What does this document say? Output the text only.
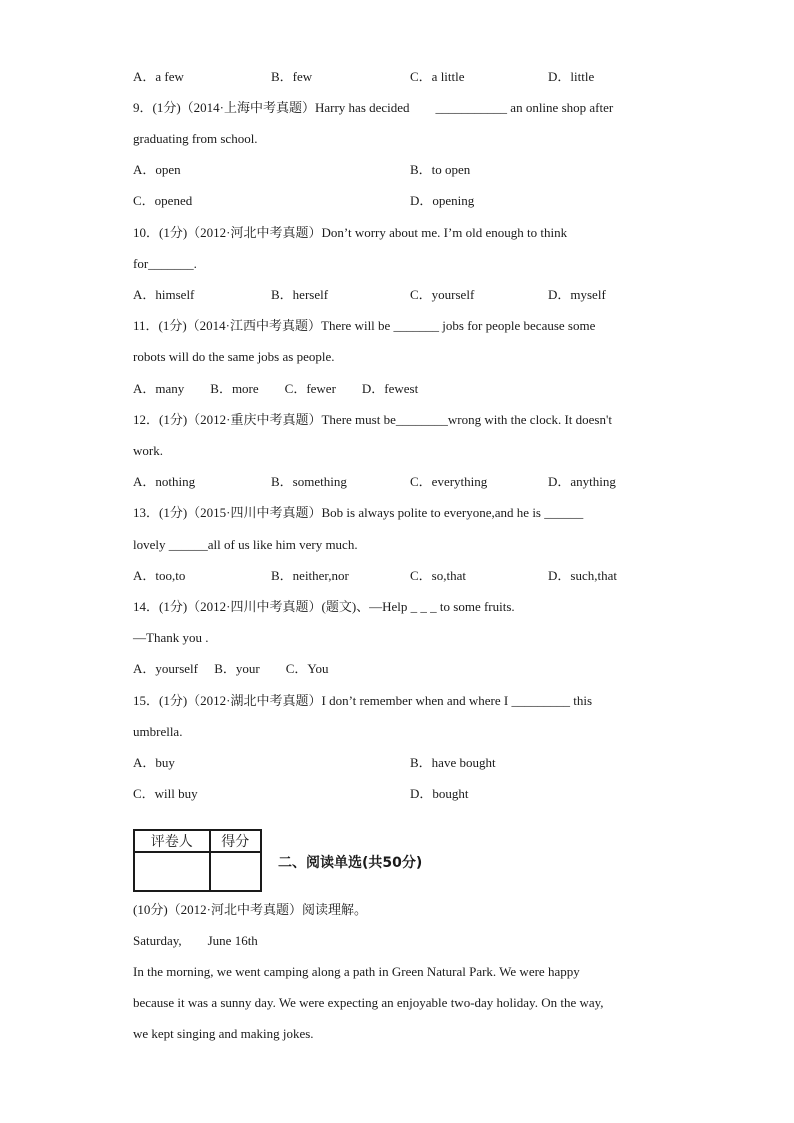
A．a few	B．few	C．a little	D．little
9．(1分)（2014·上海中考真题）Harry has decided　　___________ an online shop after
graduating from school.
A．open	B．to open
C．opened	D．opening
10．(1分)（2012·河北中考真题）Don’t worry about me. I’m old enough to think
for_______.
A．himself	B．herself	C．yourself	D．myself
11．(1分)（2014·江西中考真题）There will be _______ jobs for people because some
robots will do the same jobs as people.
A．many　　B．more　　C．fewer　　D．fewest
12．(1分)（2012·重庆中考真题）There must be________wrong with the clock. It doesn't
work.
A．nothing	B．something	C．everything	D．anything
13．(1分)（2015·四川中考真题）Bob is always polite to everyone,and he is ______
lovely ______all of us like him very much.
A．too,to	B．neither,nor	C．so,that	D．such,that
14．(1分)（2012·四川中考真题）(题文)、—Help _ _ _ to some fruits.
—Thank you .
A．yourself　 B．your　　C．You
15．(1分)（2012·湖北中考真题）I don’t remember when and where I _________ this
umbrella.
A．buy	B．have bought
C．will buy	D．bought
评卷人	得分

二、阅读单选(共50分)
(10分)（2012·河北中考真题）阅读理解。
Saturday,　　June 16th
In the morning, we went camping along a path in Green Natural Park. We were happy
because it was a sunny day. We were expecting an enjoyable two-day holiday. On the way,
we kept singing and making jokes.
